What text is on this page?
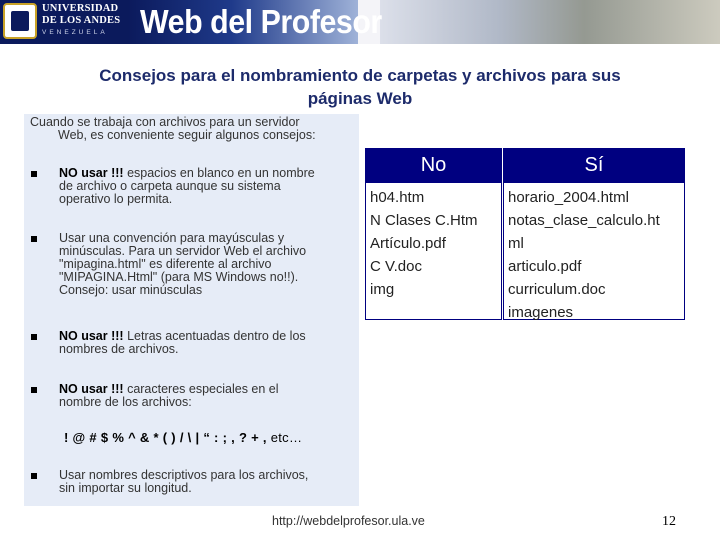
UNIVERSIDAD
DE LOS ANDES
VENEZUELA Web del Profesor
Consejos para el nombramiento de carpetas y archivos para sus
páginas Web
Cuando se trabaja con archivos para un servidor
Web, es conveniente seguir algunos consejos:
NO usar !!! espacios en blanco en un nombre
de archivo o carpeta aunque su sistema
operativo lo permita.
Usar una convención para mayúsculas y
minúsculas. Para un servidor Web el archivo
"mipagina.html" es diferente al archivo
"MIPAGINA.Html" (para MS Windows no!!).
Consejo: usar minúsculas
NO usar !!! Letras acentuadas dentro de los
nombres de archivos.
NO usar !!! caracteres especiales en el
nombre de los archivos:
Usar nombres descriptivos para los archivos,
sin importar su longitud.
! @ # $ % ^ & * ( ) / \ | “ : ; , ? + , etc…
No	Sí
h04.htm
N Clases C.Htm
Artículo.pdf
C V.doc
img
horario_2004.html
notas_clase_calculo.ht
ml
articulo.pdf
curriculum.doc
imagenes
http://webdelprofesor.ula.ve	12
